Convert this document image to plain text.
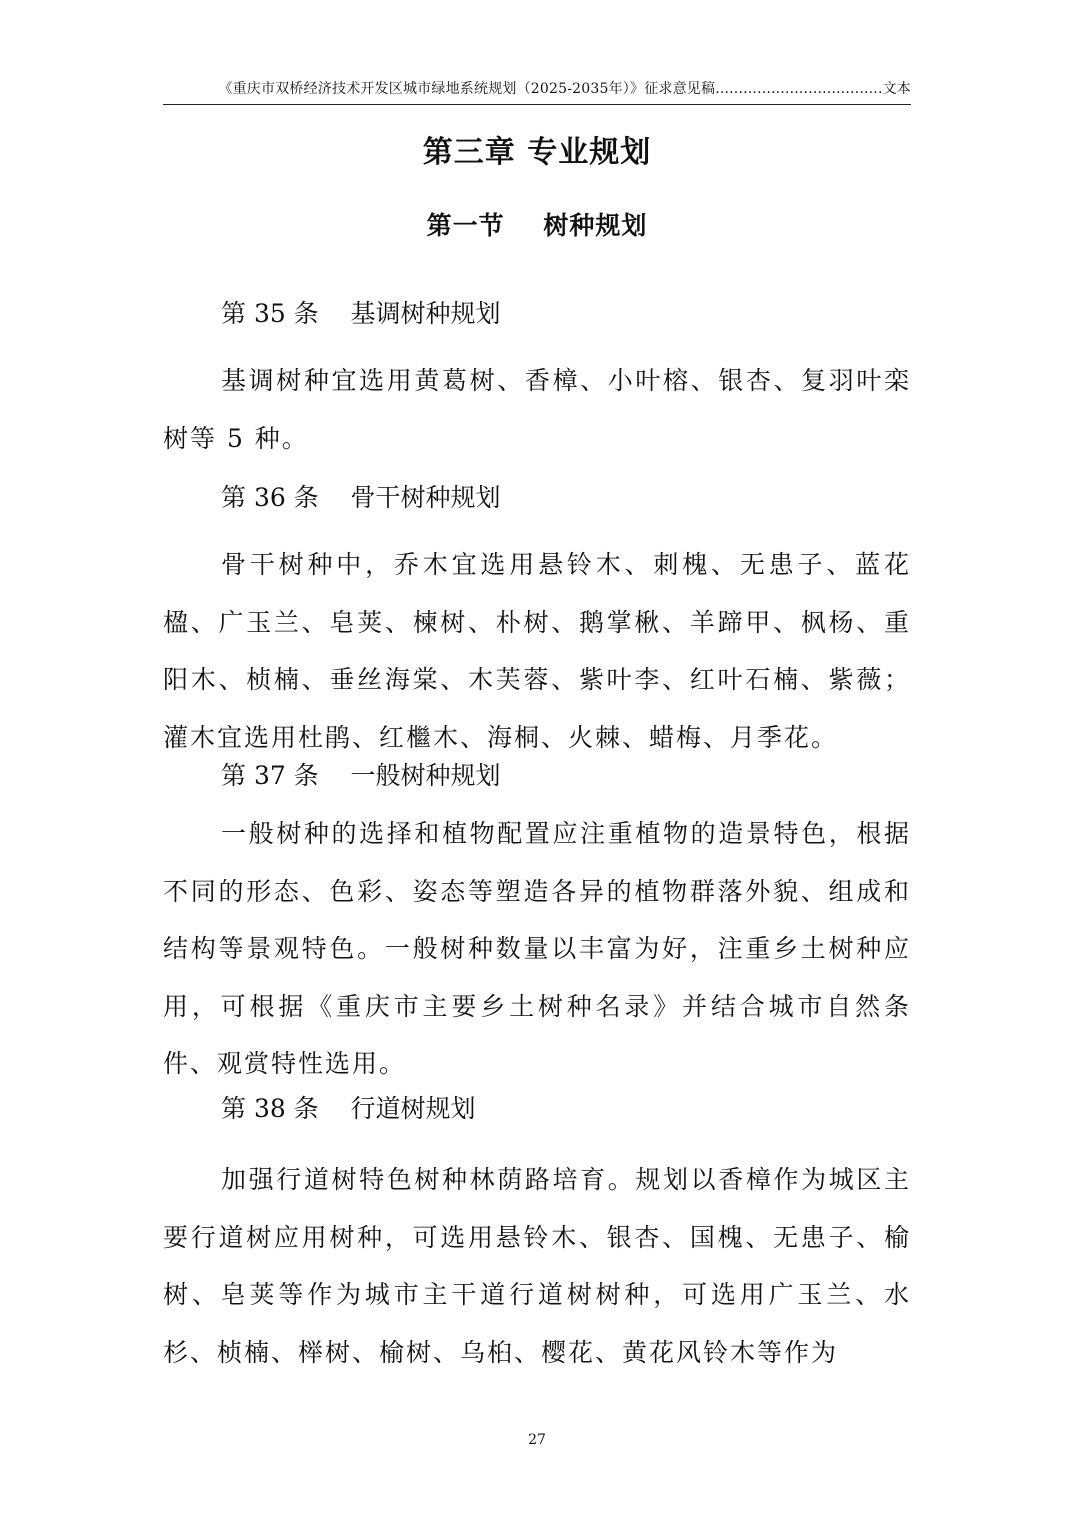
《重庆市双桥经济技术开发区城市绿地系统规划（2025-2035年）》征求意见稿....................................文本
第三章 专业规划
第一节    树种规划
第 35 条    基调树种规划

基调树种宜选用黄葛树、香樟、小叶榕、银杏、复羽叶栾树等 5 种。

第 36 条    骨干树种规划

骨干树种中，乔木宜选用悬铃木、刺槐、无患子、蓝花楹、广玉兰、皂荚、楝树、朴树、鹅掌楸、羊蹄甲、枫杨、重阳木、桢楠、垂丝海棠、木芙蓉、紫叶李、红叶石楠、紫薇；灌木宜选用杜鹃、红檵木、海桐、火棘、蜡梅、月季花。

第 37 条    一般树种规划

一般树种的选择和植物配置应注重植物的造景特色，根据不同的形态、色彩、姿态等塑造各异的植物群落外貌、组成和结构等景观特色。一般树种数量以丰富为好，注重乡土树种应用，可根据《重庆市主要乡土树种名录》并结合城市自然条件、观赏特性选用。

第 38 条    行道树规划

加强行道树特色树种林荫路培育。规划以香樟作为城区主要行道树应用树种，可选用悬铃木、银杏、国槐、无患子、榆树、皂荚等作为城市主干道行道树树种，可选用广玉兰、水杉、桢楠、榉树、榆树、乌桕、樱花、黄花风铃木等作为

27
